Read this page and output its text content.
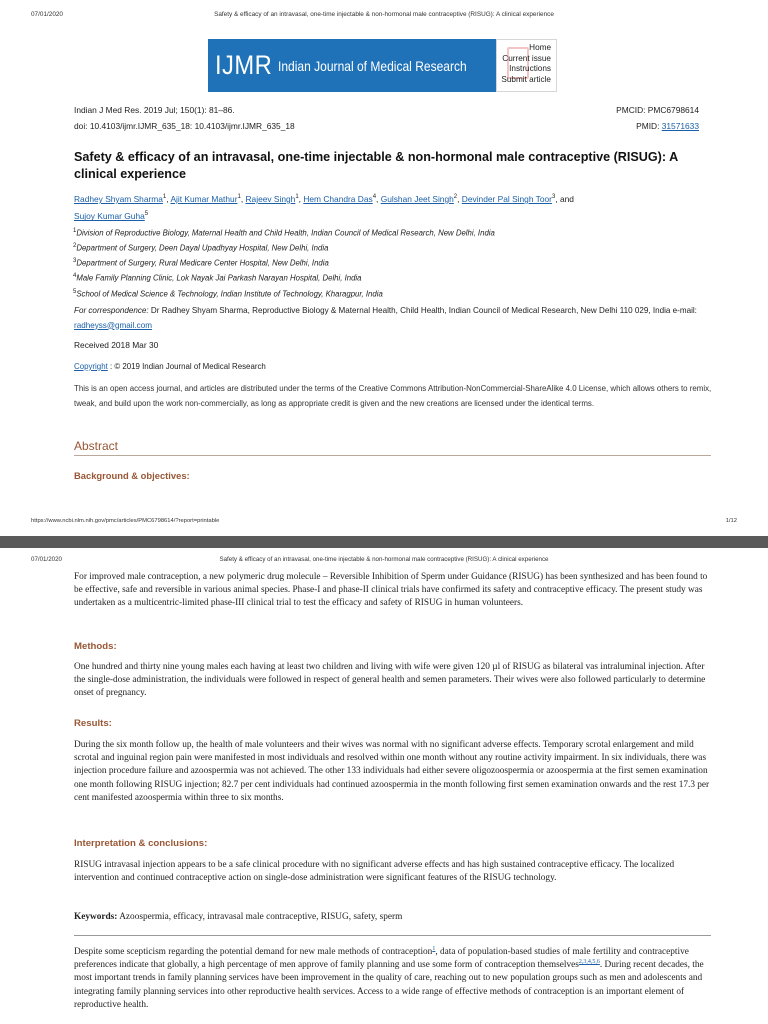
07/01/2020	Safety & efficacy of an intravasal, one-time injectable & non-hormonal male contraceptive (RISUG): A clinical experience
IJMR Indian Journal of Medical Research
Home
Current issue
Instructions
Submit article
Indian J Med Res. 2019 Jul; 150(1): 81–86.
doi: 10.4103/ijmr.IJMR_635_18: 10.4103/ijmr.IJMR_635_18
PMCID: PMC6798614
PMID: 31571633
Safety & efficacy of an intravasal, one-time injectable & non-hormonal male contraceptive (RISUG): A clinical experience
Radhey Shyam Sharma$^1$, Ajit Kumar Mathur$^1$, Rajeev Singh$^1$, Hem Chandra Das$^4$, Gulshan Jeet Singh$^2$, Devinder Pal Singh Toor$^3$, and
Sujoy Kumar Guha$^5$
$^1$Division of Reproductive Biology, Maternal Health and Child Health, Indian Council of Medical Research, New Delhi, India
$^2$Department of Surgery, Deen Dayal Upadhyay Hospital, New Delhi, India
$^3$Department of Surgery, Rural Medicare Center Hospital, New Delhi, India
$^4$Male Family Planning Clinic, Lok Nayak Jai Parkash Narayan Hospital, Delhi, India
$^5$School of Medical Science & Technology, Indian Institute of Technology, Kharagpur, India
For correspondence: Dr Radhey Shyam Sharma, Reproductive Biology & Maternal Health, Child Health, Indian Council of Medical Research, New Delhi 110 029, India e-mail: radheyss@gmail.com
Received 2018 Mar 30
Copyright : © 2019 Indian Journal of Medical Research
This is an open access journal, and articles are distributed under the terms of the Creative Commons Attribution-NonCommercial-ShareAlike 4.0 License, which allows others to remix, tweak, and build upon the work non-commercially, as long as appropriate credit is given and the new creations are licensed under the identical terms.
Abstract
Background & objectives:
https://www.ncbi.nlm.nih.gov/pmc/articles/PMC6798614/?report=printable	1/12
07/01/2020	Safety & efficacy of an intravasal, one-time injectable & non-hormonal male contraceptive (RISUG): A clinical experience
For improved male contraception, a new polymeric drug molecule – Reversible Inhibition of Sperm under Guidance (RISUG) has been synthesized and has been found to be effective, safe and reversible in various animal species. Phase-I and phase-II clinical trials have confirmed its safety and contraceptive efficacy. The present study was undertaken as a multicentric-limited phase-III clinical trial to test the efficacy and safety of RISUG in human volunteers.
Methods:
One hundred and thirty nine young males each having at least two children and living with wife were given 120 µl of RISUG as bilateral vas intraluminal injection. After the single-dose administration, the individuals were followed in respect of general health and semen parameters. Their wives were also followed particularly to determine onset of pregnancy.
Results:
During the six month follow up, the health of male volunteers and their wives was normal with no significant adverse effects. Temporary scrotal enlargement and mild scrotal and inguinal region pain were manifested in most individuals and resolved within one month without any routine activity impairment. In six individuals, there was injection procedure failure and azoospermia was not achieved. The other 133 individuals had either severe oligozoospermia or azoospermia at the first semen examination one month following RISUG injection; 82.7 per cent individuals had continued azoospermia in the month following first semen examination onwards and the rest 17.3 per cent manifested azoospermia within three to six months.
Interpretation & conclusions:
RISUG intravasal injection appears to be a safe clinical procedure with no significant adverse effects and has high sustained contraceptive efficacy. The localized intervention and continued contraceptive action on single-dose administration were significant features of the RISUG technology.
Keywords: Azoospermia, efficacy, intravasal male contraceptive, RISUG, safety, sperm
Despite some scepticism regarding the potential demand for new male methods of contraception$^1$, data of population-based studies of male fertility and contraceptive preferences indicate that globally, a high percentage of men approve of family planning and use some form of contraception themselves$^{2,3,4,5,6}$. During recent decades, the most important trends in family planning services have been improvement in the quality of care, reaching out to new population groups such as men and adolescents and integrating family planning services into other reproductive health services. Access to a wide range of effective methods of contraception is an important element of reproductive health.
